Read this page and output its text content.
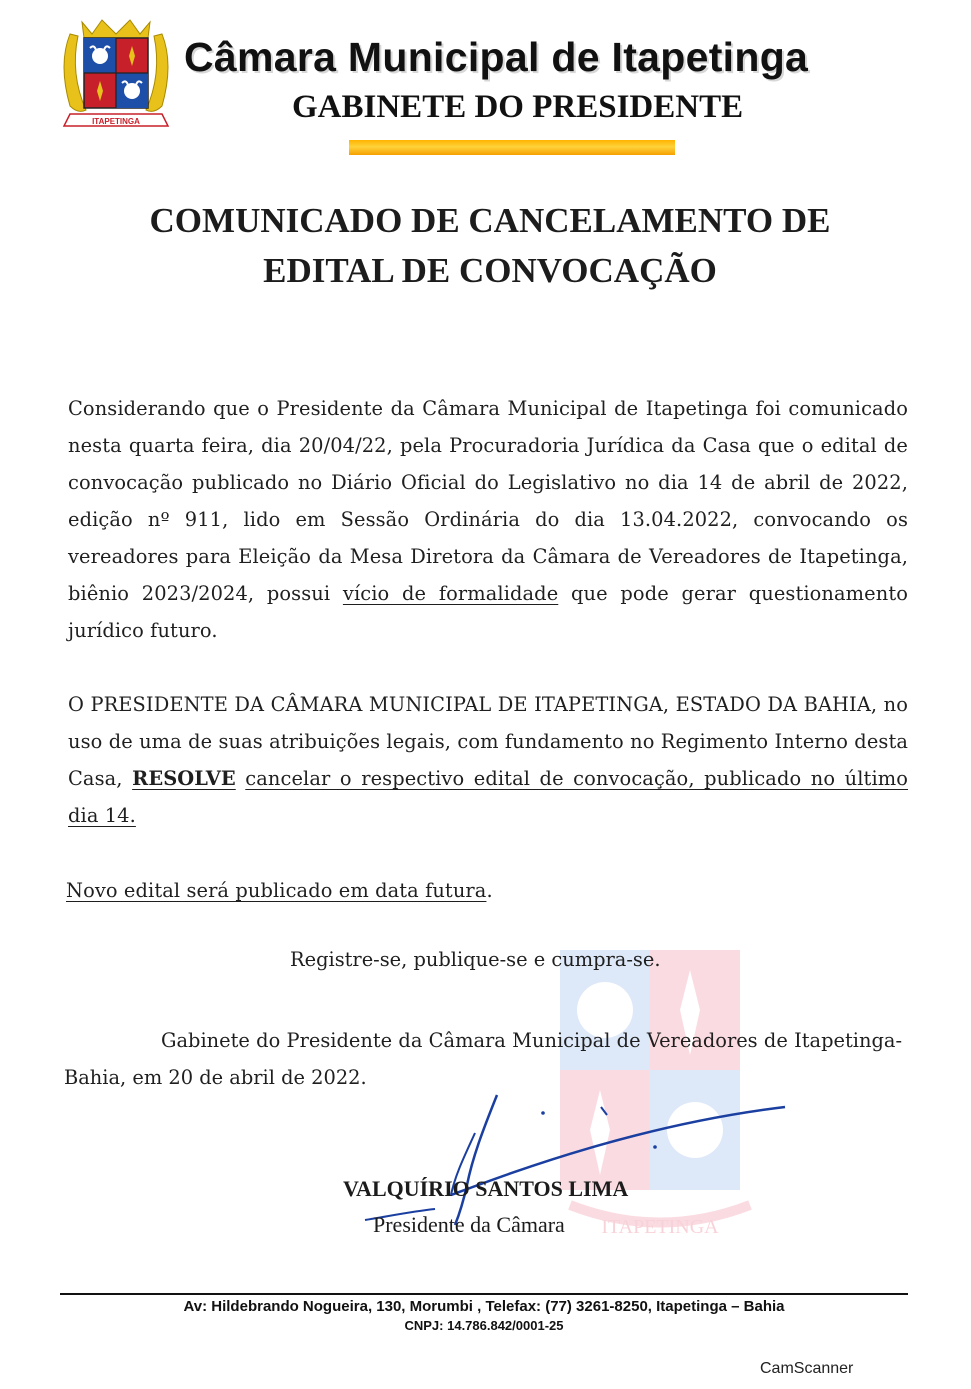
ITAPETINGA
Câmara Municipal de Itapetinga
GABINETE DO PRESIDENTE
COMUNICADO DE CANCELAMENTO DE
EDITAL DE CONVOCAÇÃO
ITAPETINGA
Considerando que o Presidente da Câmara Municipal de Itapetinga foi comunicado nesta quarta feira, dia 20/04/22, pela Procuradoria Jurídica da Casa que o edital de convocação publicado no Diário Oficial do Legislativo no dia 14 de abril de 2022, edição nº 911, lido em Sessão Ordinária do dia 13.04.2022, convocando os vereadores para Eleição da Mesa Diretora da Câmara de Vereadores de Itapetinga, biênio 2023/2024, possui vício de formalidade que pode gerar questionamento jurídico futuro.
O PRESIDENTE DA CÂMARA MUNICIPAL DE ITAPETINGA, ESTADO DA BAHIA, no uso de uma de suas atribuições legais, com fundamento no Regimento Interno desta Casa, RESOLVE cancelar o respectivo edital de convocação, publicado no último dia 14.
Novo edital será publicado em data futura.
Registre-se, publique-se e cumpra-se.
Gabinete do Presidente da Câmara Municipal de Vereadores de Itapetinga-Bahia, em 20 de abril de 2022.
VALQUÍRIO SANTOS LIMA
Presidente da Câmara
Av: Hildebrando Nogueira, 130, Morumbi , Telefax: (77) 3261-8250, Itapetinga – Bahia
CNPJ: 14.786.842/0001-25
CamScanner
